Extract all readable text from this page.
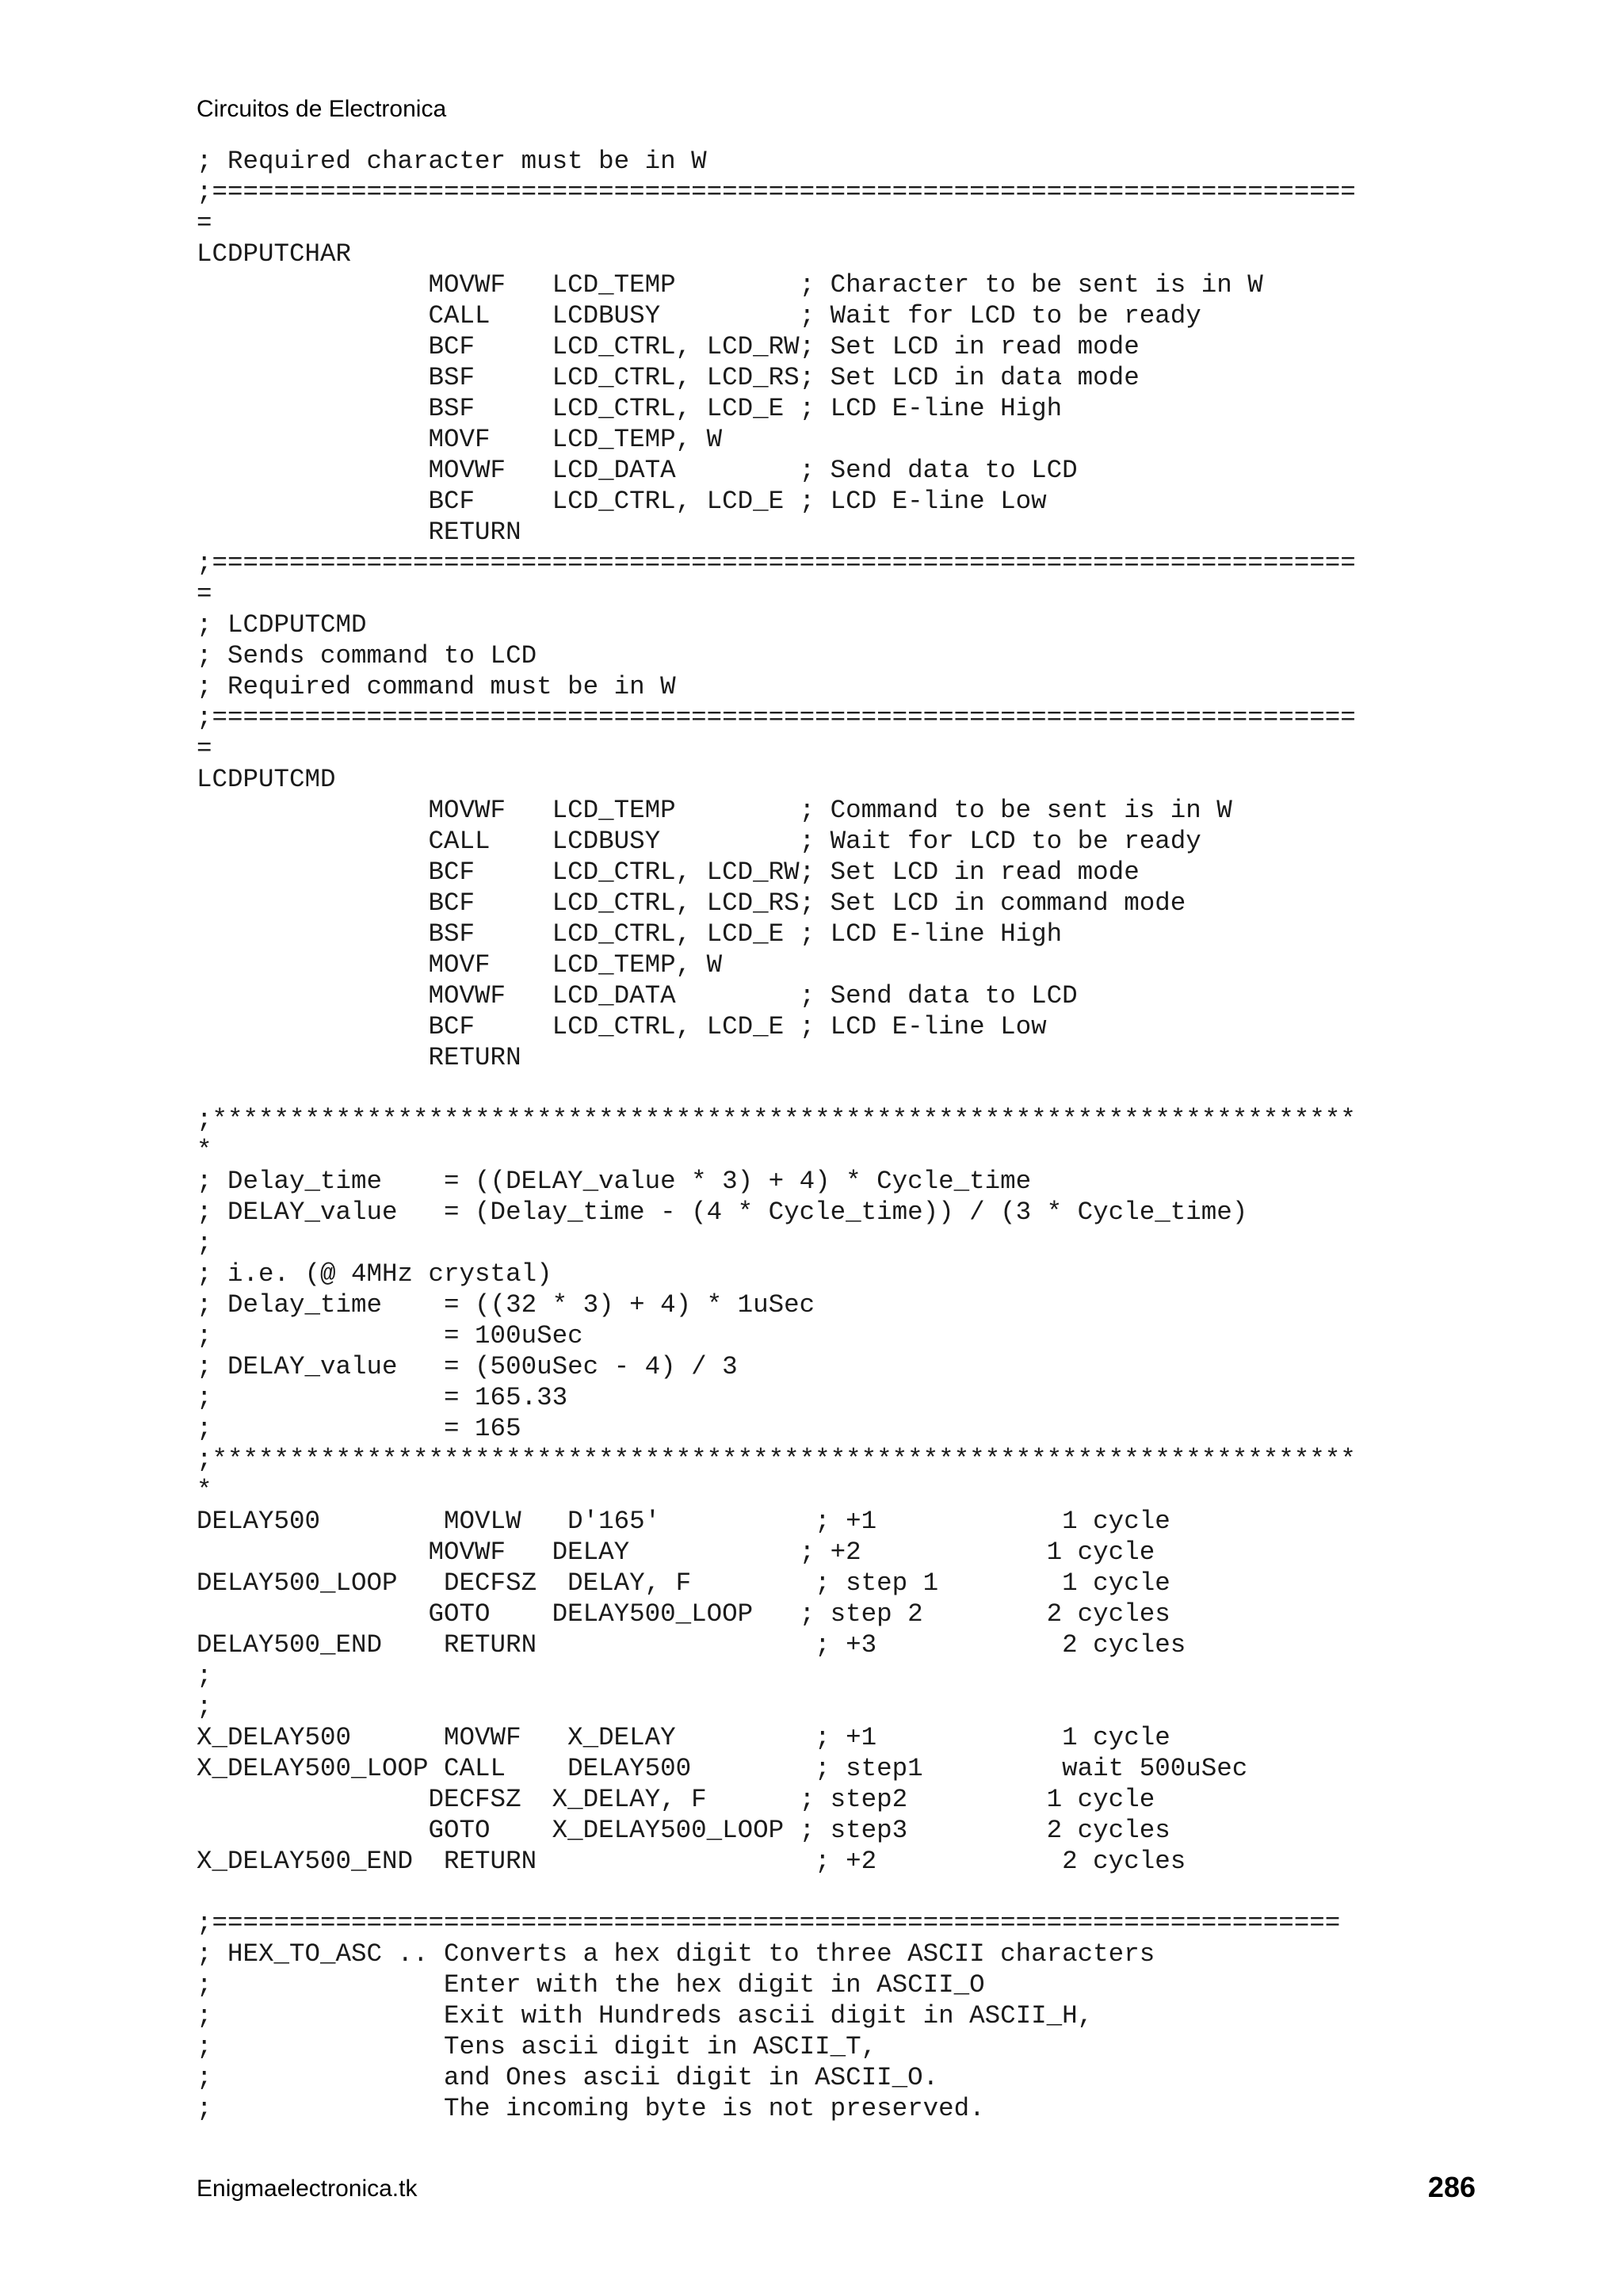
Circuitos de Electronica
; Required character must be in W
;==========================================================================
=
LCDPUTCHAR
MOVWF   LCD_TEMP        ; Character to be sent is in W
CALL    LCDBUSY         ; Wait for LCD to be ready
BCF     LCD_CTRL, LCD_RW; Set LCD in read mode
BSF     LCD_CTRL, LCD_RS; Set LCD in data mode
BSF     LCD_CTRL, LCD_E ; LCD E-line High
MOVF    LCD_TEMP, W
MOVWF   LCD_DATA        ; Send data to LCD
BCF     LCD_CTRL, LCD_E ; LCD E-line Low
RETURN
;==========================================================================
=
; LCDPUTCMD
; Sends command to LCD
; Required command must be in W
;==========================================================================
=
LCDPUTCMD
MOVWF   LCD_TEMP        ; Command to be sent is in W
CALL    LCDBUSY         ; Wait for LCD to be ready
BCF     LCD_CTRL, LCD_RW; Set LCD in read mode
BCF     LCD_CTRL, LCD_RS; Set LCD in command mode
BSF     LCD_CTRL, LCD_E ; LCD E-line High
MOVF    LCD_TEMP, W
MOVWF   LCD_DATA        ; Send data to LCD
BCF     LCD_CTRL, LCD_E ; LCD E-line Low
RETURN

;**************************************************************************
*
; Delay_time    = ((DELAY_value * 3) + 4) * Cycle_time
; DELAY_value   = (Delay_time - (4 * Cycle_time)) / (3 * Cycle_time)
;
; i.e. (@ 4MHz crystal)
; Delay_time    = ((32 * 3) + 4) * 1uSec
;               = 100uSec
; DELAY_value   = (500uSec - 4) / 3
;               = 165.33
;               = 165
;**************************************************************************
*
DELAY500        MOVLW   D'165'          ; +1            1 cycle
MOVWF   DELAY           ; +2            1 cycle
DELAY500_LOOP   DECFSZ  DELAY, F        ; step 1        1 cycle
GOTO    DELAY500_LOOP   ; step 2        2 cycles
DELAY500_END    RETURN                  ; +3            2 cycles
;
;
X_DELAY500      MOVWF   X_DELAY         ; +1            1 cycle
X_DELAY500_LOOP CALL    DELAY500        ; step1         wait 500uSec
DECFSZ  X_DELAY, F      ; step2         1 cycle
GOTO    X_DELAY500_LOOP ; step3         2 cycles
X_DELAY500_END  RETURN                  ; +2            2 cycles

;=========================================================================
; HEX_TO_ASC .. Converts a hex digit to three ASCII characters
;               Enter with the hex digit in ASCII_O
;               Exit with Hundreds ascii digit in ASCII_H,
;               Tens ascii digit in ASCII_T,
;               and Ones ascii digit in ASCII_O.
;               The incoming byte is not preserved.
Enigmaelectronica.tk	286
